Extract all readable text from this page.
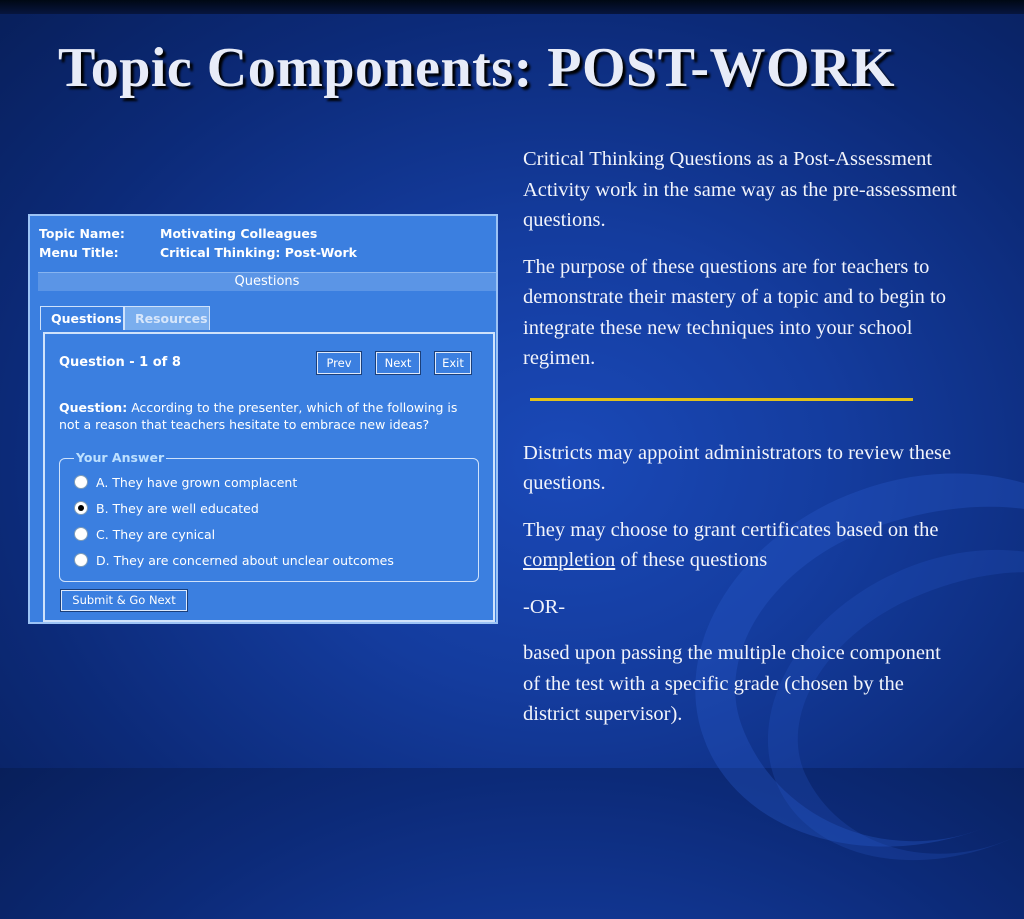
Topic Components: POST-WORK
Topic Name:	Motivating Colleagues
Menu Title:	Critical Thinking: Post-Work
Questions
Questions	Resources
Question - 1 of 8	Prev	Next	Exit
Question: According to the presenter, which of the following is not a reason that teachers hesitate to embrace new ideas?
Your Answer
A. They have grown complacent
B. They are well educated
C. They are cynical
D. They are concerned about unclear outcomes
Submit & Go Next

Critical Thinking Questions as a Post-Assessment Activity work in the same way as the pre-assessment questions.

The purpose of these questions are for teachers to demonstrate their mastery of a topic and to begin to integrate these new techniques into your school regimen.

Districts may appoint administrators to review these questions.

They may choose to grant certificates based on the completion of these questions

-OR-

based upon passing the multiple choice component of the test with a specific grade (chosen by the district supervisor).
